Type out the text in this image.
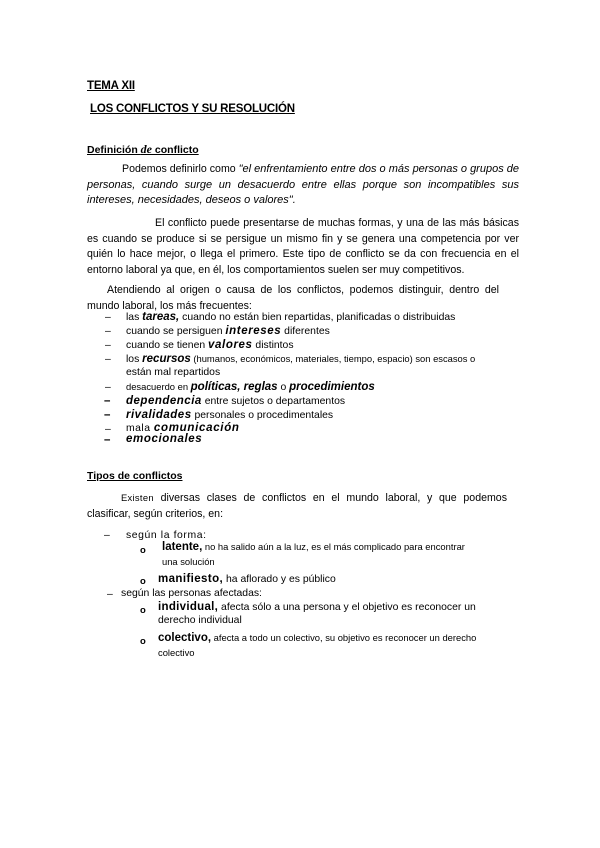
TEMA XII
LOS CONFLICTOS Y SU RESOLUCIÓN
Definición de conflicto
Podemos definirlo como "el enfrentamiento entre dos o más personas o grupos de personas, cuando surge un desacuerdo entre ellas porque son incompatibles sus intereses, necesidades, deseos o valores".
El conflicto puede presentarse de muchas formas, y una de las más básicas es cuando se produce si se persigue un mismo fin y se genera una competencia por ver quién lo hace mejor, o llega el primero. Este tipo de conflicto se da con frecuencia en el entorno laboral ya que, en él, los comportamientos suelen ser muy competitivos.
Atendiendo al origen o causa de los conflictos, podemos distinguir, dentro del mundo laboral, los más frecuentes:
– las tareas, cuando no están bien repartidas, planificadas o distribuidas
– cuando se persiguen intereses diferentes
– cuando se tienen valores distintos
– los recursos (humanos, económicos, materiales, tiempo, espacio) son escasos o
están mal repartidos
– desacuerdo en políticas, reglas o procedimientos
– dependencia entre sujetos o departamentos
– rivalidades personales o procedimentales
– mala comunicación
– emocionales
Tipos de conflictos
Existen diversas clases de conflictos en el mundo laboral, y que podemos clasificar, según criterios, en:
– según la forma:
o latente, no ha salido aún a la luz, es el más complicado para encontrar
una solución
o manifiesto, ha aflorado y es público
– según las personas afectadas:
o individual, afecta sólo a una persona y el objetivo es reconocer un
derecho individual
o colectivo, afecta a todo un colectivo, su objetivo es reconocer un derecho
colectivo
